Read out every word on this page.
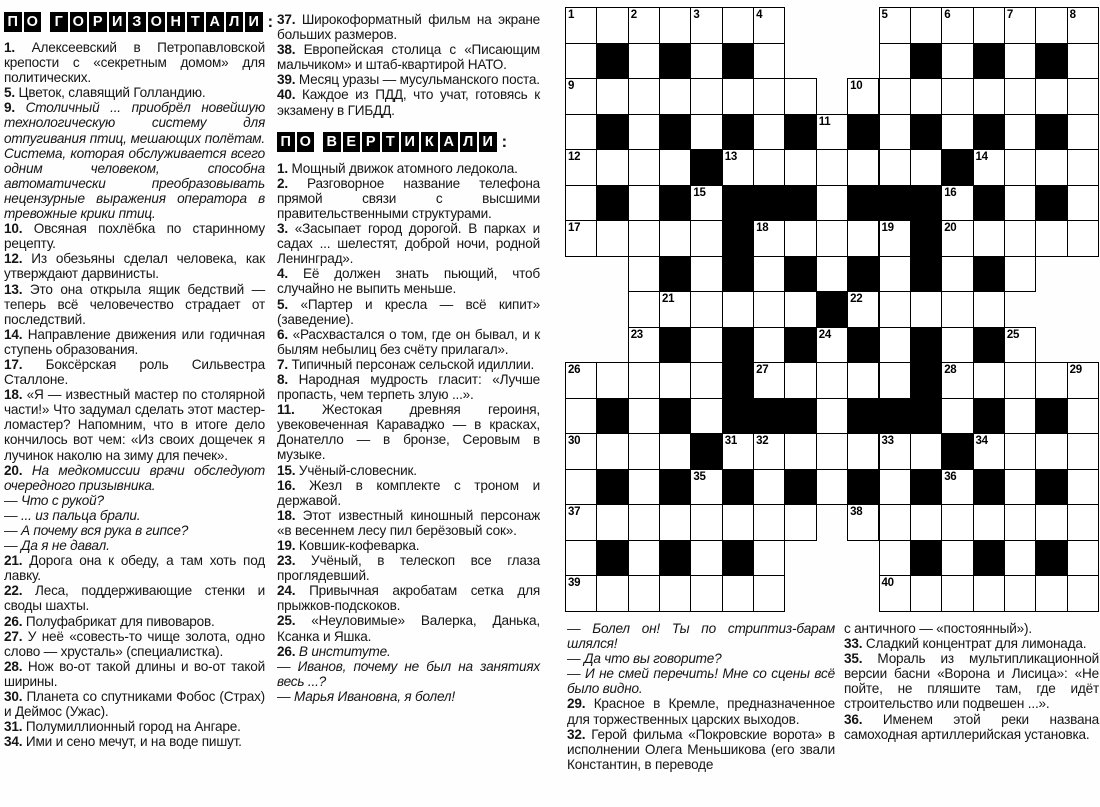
П О	Г О Р И З О Н Т А Л И :

1. Алексеевский в Петропавловской крепости с «секретным домом» для политических.

5. Цветок, славящий Голландию.

9. Столичный ... приобрёл новейшую технологическую систему для отпугивания птиц, мешающих полётам. Система, которая обслуживается всего одним человеком, способна автоматически преобразовывать нецензурные выражения оператора в тревожные крики птиц.

10. Овсяная похлёбка по старинному рецепту.

12. Из обезьяны сделал человека, как утверждают дарвинисты.

13. Это она открыла ящик бедствий — теперь всё человечество страдает от последствий.

14. Направление движения или годичная ступень образования.

17. Боксёрская роль Сильвестра Сталлоне.

18. «Я — известный мастер по столярной части!» Что задумал сделать этот мастер-ломастер? Напомним, что в итоге дело кончилось вот чем: «Из своих дощечек я лучинок наколю на зиму для печек».

20. На медкомиссии врачи обследуют очередного призывника.

— Что с рукой?

— ... из пальца брали.

— А почему вся рука в гипсе?

— Да я не давал.

21. Дорога она к обеду, а там хоть под лавку.

22. Леса, поддерживающие стенки и своды шахты.

26. Полуфабрикат для пивоваров.

27. У неё «совесть-то чище золота, одно слово — хрусталь» (специалистка).

28. Нож во-от такой длины и во-от такой ширины.

30. Планета со спутниками Фобос (Страх) и Деймос (Ужас).

31. Полумиллионный город на Ангаре.

34. Ими и сено мечут, и на воде пишут.

37. Широкоформатный фильм на экране больших размеров.

38. Европейская столица с «Писающим мальчиком» и штаб-квартирой НАТО.

39. Месяц уразы — мусульманского поста.

40. Каждое из ПДД, что учат, готовясь к экзамену в ГИБДД.

П О В Е Р Т И К А Л И :

1. Мощный движок атомного ледокола.

2. Разговорное название телефона прямой связи с высшими правительственными структурами.

3. «Засыпает город дорогой. В парках и садах ... шелестят, доброй ночи, родной Ленинград».

4. Её должен знать пьющий, чтоб случайно не выпить меньше.

5. «Партер и кресла — всё кипит» (заведение).

6. «Расхвастался о том, где он бывал, и к былям небылиц без счёту прилагал».

7. Типичный персонаж сельской идиллии.

8. Народная мудрость гласит: «Лучше пропасть, чем терпеть злую ...».

11. Жестокая древняя героиня, увековеченная Караваджо — в красках, Донателло — в бронзе, Серовым в музыке.

15. Учёный-словесник.

16. Жезл в комплекте с троном и державой.

18. Этот известный киношный персонаж «в весеннем лесу пил берёзовый сок».

19. Ковшик-кофеварка.

23. Учёный, в телескоп все глаза проглядевший.

24. Привычная акробатам сетка для прыжков-подскоков.

25. «Неуловимые» Валерка, Данька, Ксанка и Яшка.

26. В институте.

— Иванов, почему не был на занятиях весь ...?

— Марья Ивановна, я болел!

1	2	3	4	5	6	7	8
9	10
11
12	13	14
15	16
17	18	19	20
21	22
23	24	25
26	27	28	29
30	31 32	33	34
35	36
37	38
39	40

— Болел он! Ты по стриптиз-барам шлялся!

— Да что вы говорите?

— И не смей перечить! Мне со сцены всё было видно.

29. Красное в Кремле, предназначенное для торжественных царских выходов.

32. Герой фильма «Покровские ворота» в исполнении Олега Меньшикова (его звали Константин, в переводе

с античного — «постоянный»).

33. Сладкий концентрат для лимонада.

35. Мораль из мультипликационной версии басни «Ворона и Лисица»: «Не пойте, не пляшите там, где идёт строительство или подвешен ...».

36. Именем этой реки названа самоходная артиллерийская установка.
